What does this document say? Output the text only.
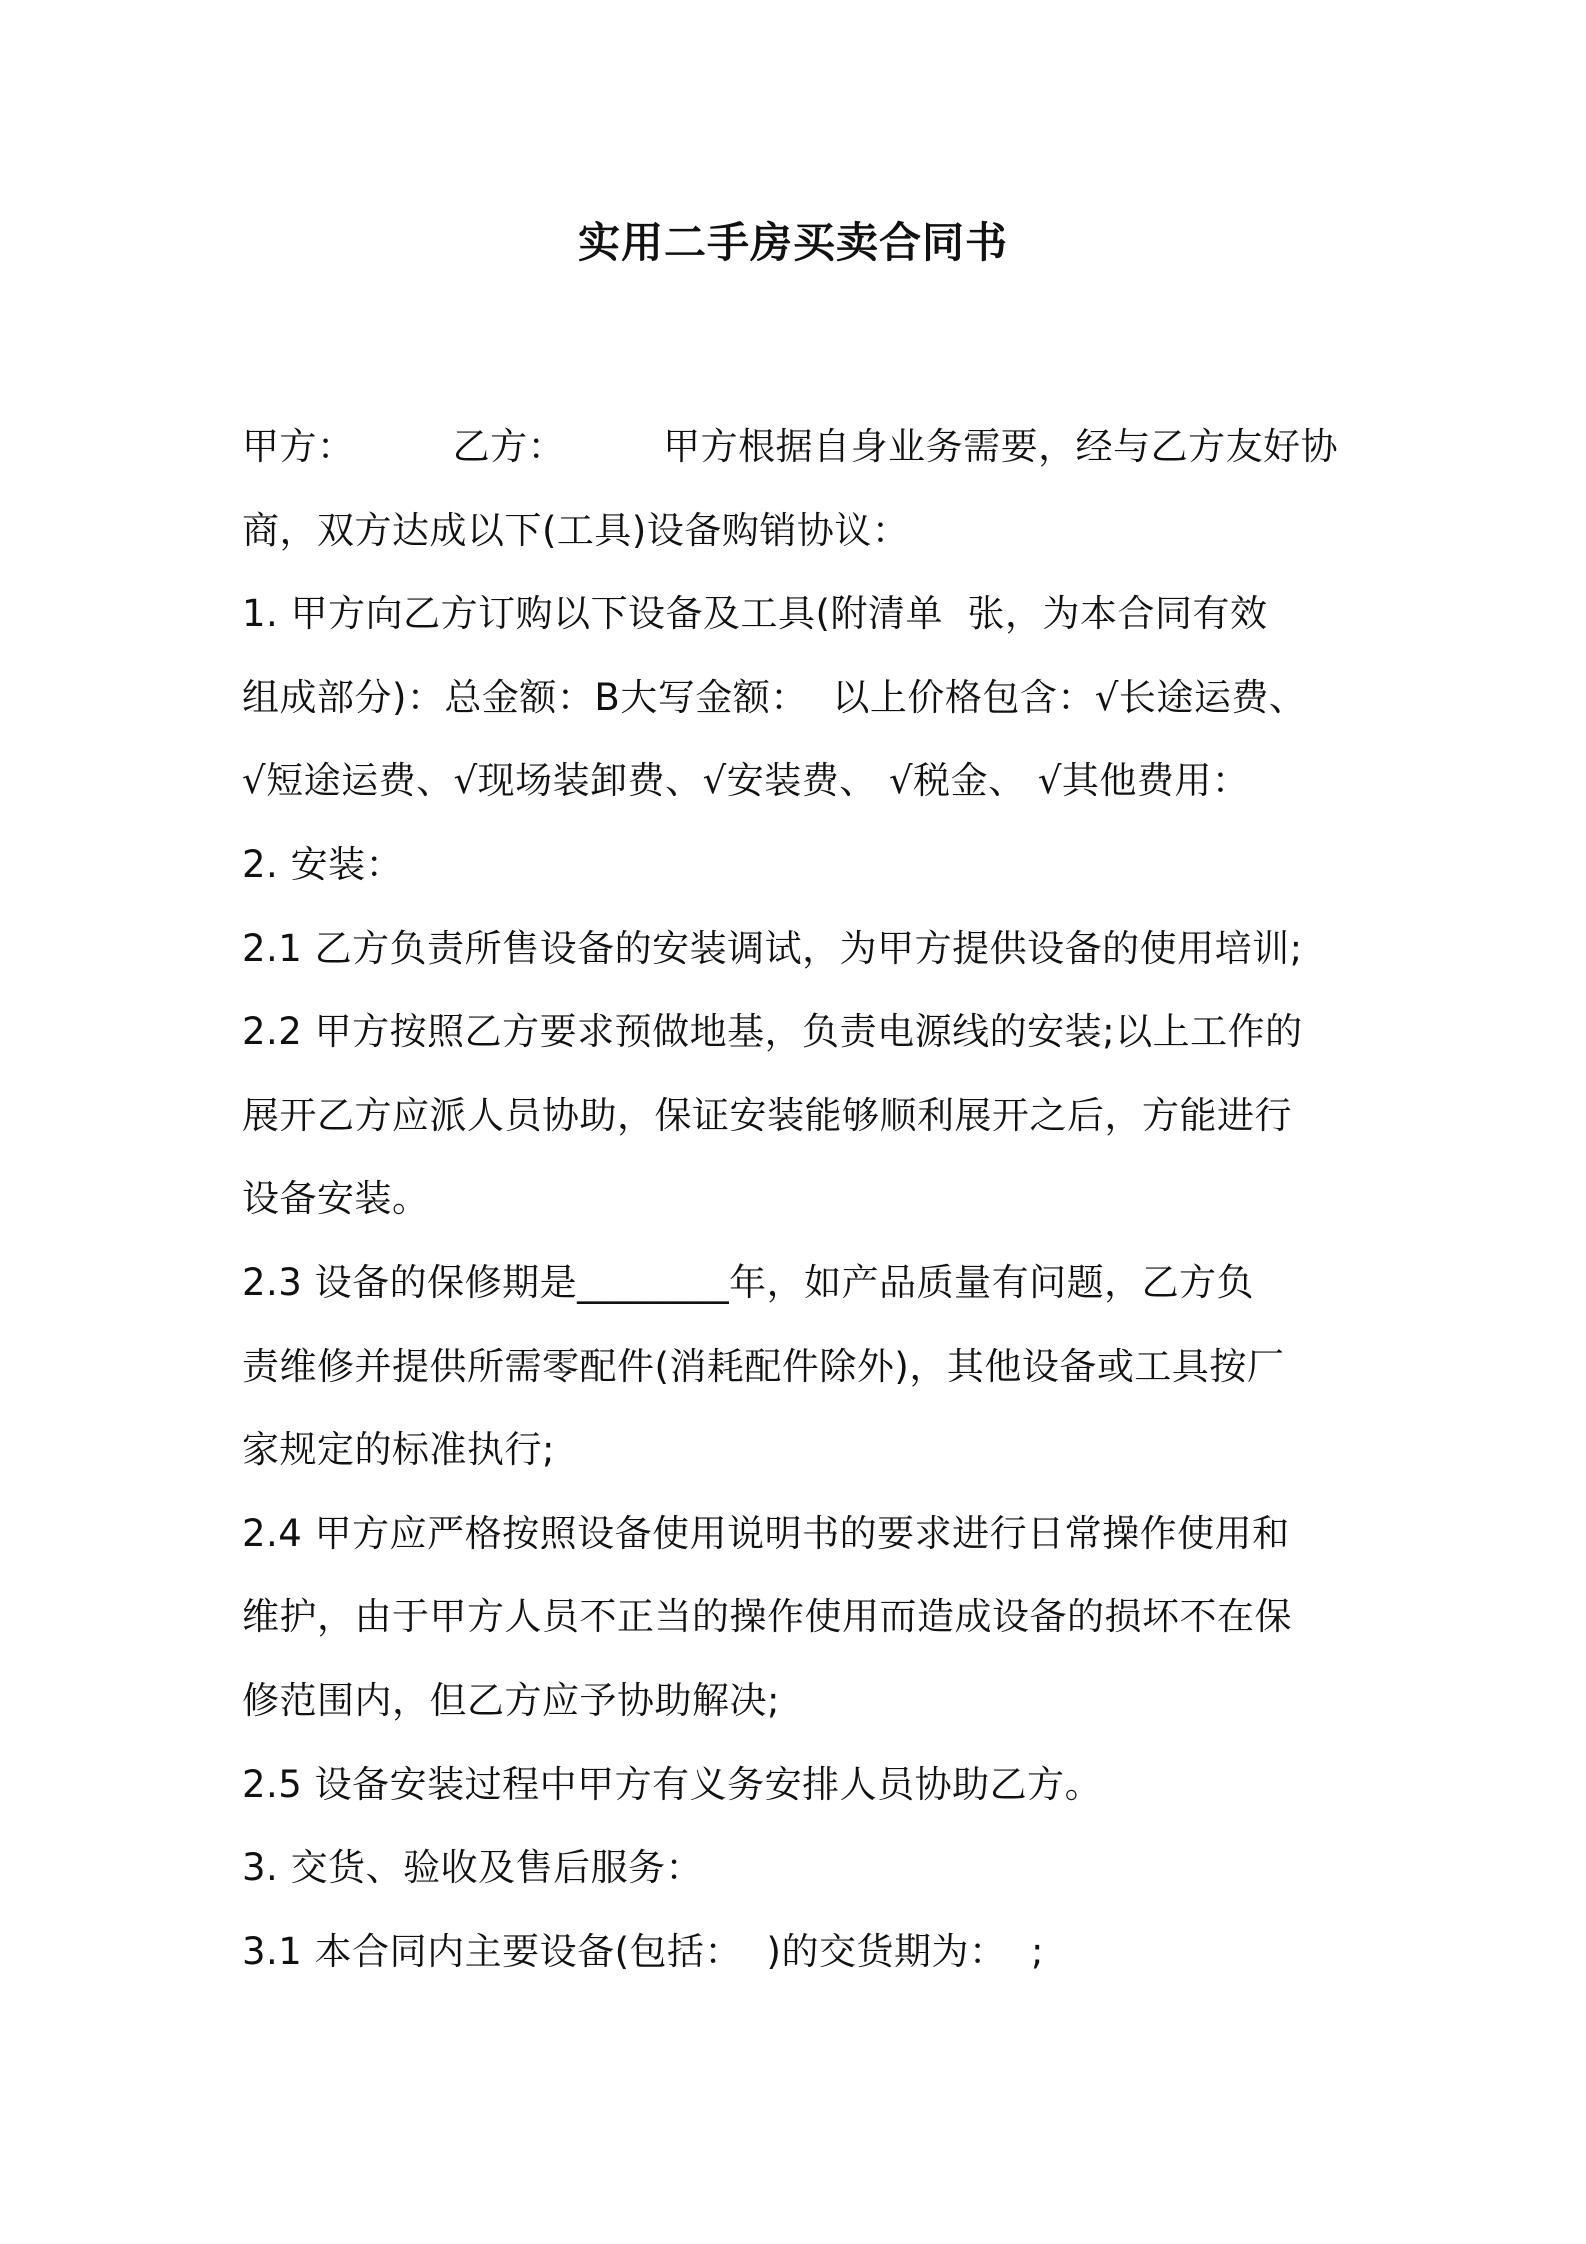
实用二手房买卖合同书
甲方：        乙方：        甲方根据自身业务需要，经与乙方友好协
商，双方达成以下(工具)设备购销协议：
1. 甲方向乙方订购以下设备及工具(附清单  张，为本合同有效
组成部分)：总金额：B大写金额：  以上价格包含：√长途运费、
√短途运费、√现场装卸费、√安装费、 √税金、 √其他费用：
2. 安装：
2.1 乙方负责所售设备的安装调试，为甲方提供设备的使用培训;
2.2 甲方按照乙方要求预做地基，负责电源线的安装;以上工作的
展开乙方应派人员协助，保证安装能够顺利展开之后，方能进行
设备安装。
2.3 设备的保修期是________年，如产品质量有问题，乙方负
责维修并提供所需零配件(消耗配件除外)，其他设备或工具按厂
家规定的标准执行;
2.4 甲方应严格按照设备使用说明书的要求进行日常操作使用和
维护，由于甲方人员不正当的操作使用而造成设备的损坏不在保
修范围内，但乙方应予协助解决;
2.5 设备安装过程中甲方有义务安排人员协助乙方。
3. 交货、验收及售后服务：
3.1 本合同内主要设备(包括：  )的交货期为：  ;
